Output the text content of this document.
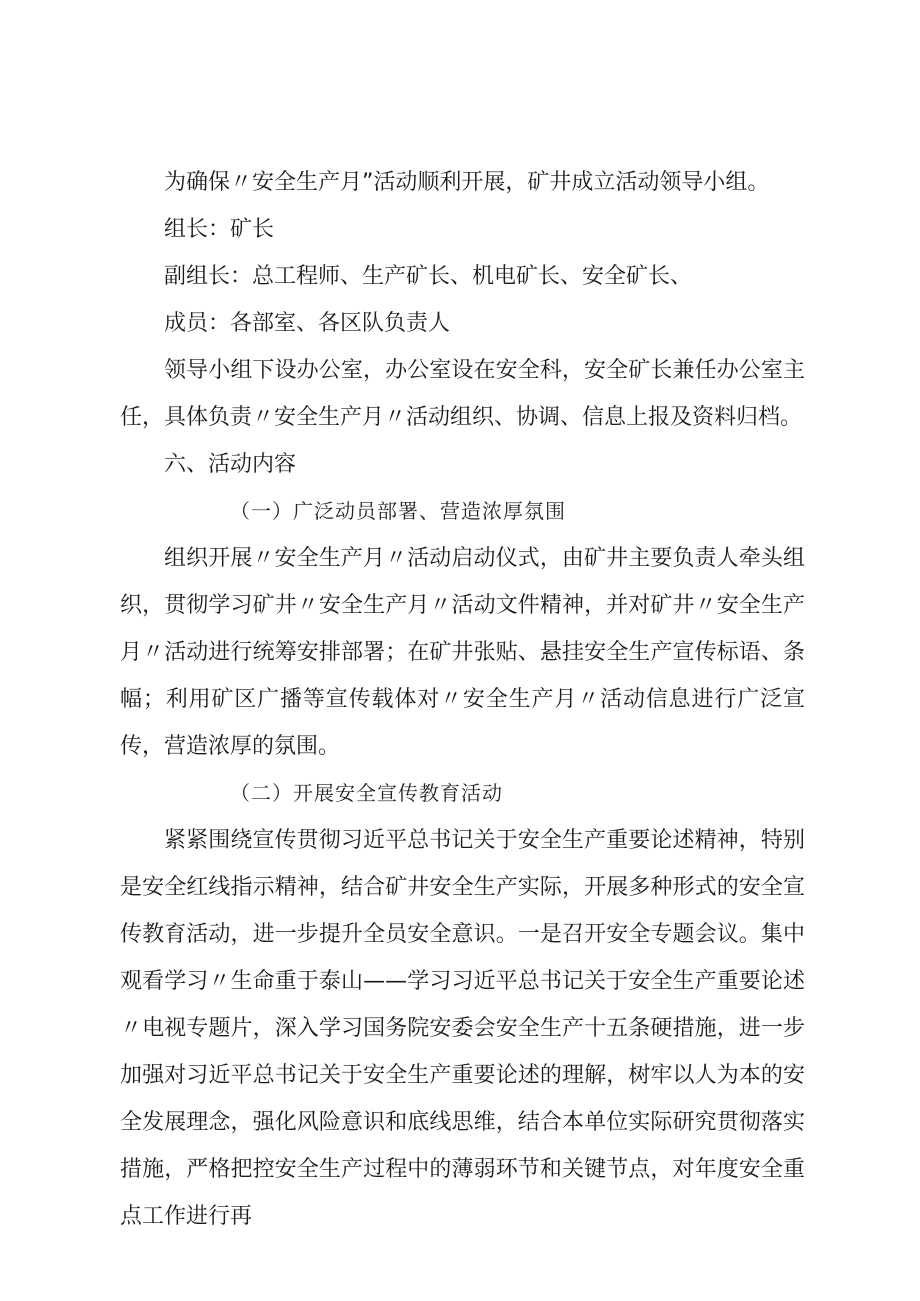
为确保〃安全生产月”活动顺利开展，矿井成立活动领导小组。

组长：矿长

副组长：总工程师、生产矿长、机电矿长、安全矿长、

成员：各部室、各区队负责人

领导小组下设办公室，办公室设在安全科，安全矿长兼任办公室主任，具体负责〃安全生产月〃活动组织、协调、信息上报及资料归档。

六、活动内容

（一）广泛动员部署、营造浓厚氛围

组织开展〃安全生产月〃活动启动仪式，由矿井主要负责人牵头组织，贯彻学习矿井〃安全生产月〃活动文件精神，并对矿井〃安全生产月〃活动进行统筹安排部署；在矿井张贴、悬挂安全生产宣传标语、条幅；利用矿区广播等宣传载体对〃安全生产月〃活动信息进行广泛宣传，营造浓厚的氛围。

（二）开展安全宣传教育活动

紧紧围绕宣传贯彻习近平总书记关于安全生产重要论述精神，特别是安全红线指示精神，结合矿井安全生产实际，开展多种形式的安全宣传教育活动，进一步提升全员安全意识。一是召开安全专题会议。集中观看学习〃生命重于泰山——学习习近平总书记关于安全生产重要论述〃电视专题片，深入学习国务院安委会安全生产十五条硬措施，进一步加强对习近平总书记关于安全生产重要论述的理解，树牢以人为本的安全发展理念，强化风险意识和底线思维，结合本单位实际研究贯彻落实措施，严格把控安全生产过程中的薄弱环节和关键节点，对年度安全重点工作进行再
